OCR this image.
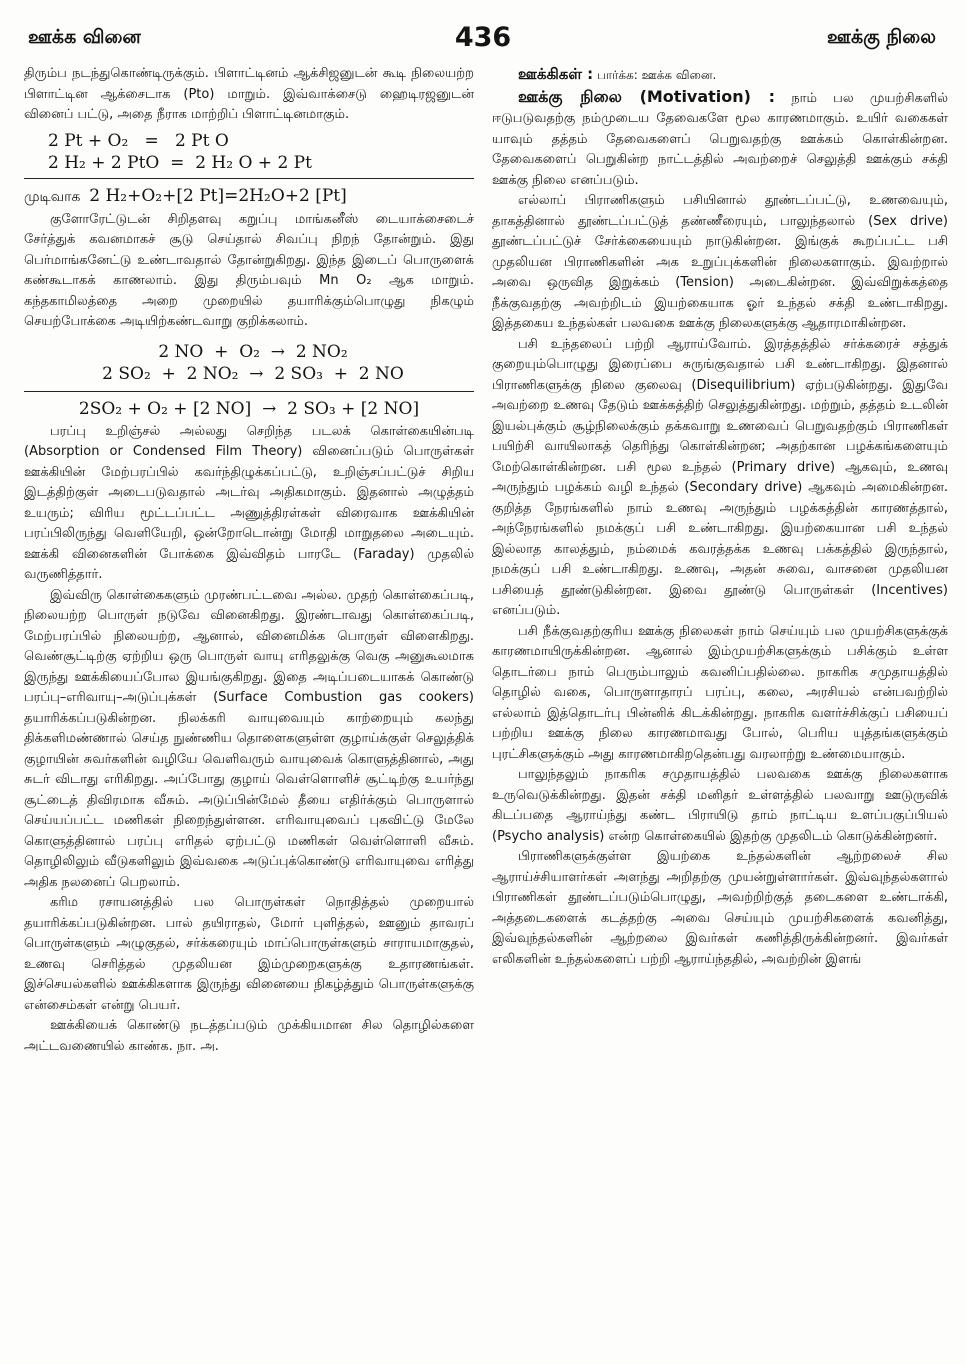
ஊக்க வினை	436	ஊக்கு நிலை

திரும்ப நடந்துகொண்டிருக்கும். பிளாட்டினம் ஆக்சிஜனுடன் கூடி நிலையற்ற பிளாட்டின ஆக்சைடாக (Pto) மாறும். இவ்வாக்சைடு ஹைடிரஜனுடன் வினைப் பட்டு, அதை நீராக மாற்றிப் பிளாட்டினமாகும்.

2 Pt + O₂   =   2 Pt O
2 H₂ + 2 PtO  =  2 H₂ O + 2 Pt
முடிவாக 2 H₂+O₂+[2 Pt]=2H₂O+2 [Pt]

குளோரேட்டுடன் சிறிதளவு கறுப்பு மாங்கனீஸ் டையாக்சைடைச் சேர்த்துக் கவனமாகச் சூடு செய்தால் சிவப்பு நிறந் தோன்றும். இது பெர்மாங்கனேட்டு உண்டாவதால் தோன்றுகிறது. இந்த இடைப் பொருளைக் கண்கூடாகக் காணலாம். இது திரும்பவும் Mn O₂ ஆக மாறும். கந்தகாமிலத்தை அறை முறையில் தயாரிக்கும்பொழுது நிகழும் செயற்போக்கை அடியிற்கண்டவாறு குறிக்கலாம்.

2 NO  +  O₂  →  2 NO₂
2 SO₂  +  2 NO₂  →  2 SO₃  +  2 NO
2SO₂ + O₂ + [2 NO]  →  2 SO₃ + [2 NO]

பரப்பு உறிஞ்சல் அல்லது செறிந்த படலக் கொள்கையின்படி (Absorption or Condensed Film Theory) வினைப்படும் பொருள்கள் ஊக்கியின் மேற்பரப்பில் கவர்ந்திழுக்கப்பட்டு, உறிஞ்சப்பட்டுச் சிறிய இடத்திற்குள் அடைபடுவதால் அடர்வு அதிகமாகும். இதனால் அழுத்தம் உயரும்; விரிய மூட்டப்பட்ட அணுத்திரள்கள் விரைவாக ஊக்கியின் பரப்பிலிருந்து வெளியேறி, ஒன்றோடொன்று மோதி மாறுதலை அடையும். ஊக்கி வினைகளின் போக்கை இவ்விதம் பாரடே (Faraday) முதலில் வருணித்தார்.

இவ்விரு கொள்கைகளும் முரண்பட்டவை அல்ல. முதற் கொள்கைப்படி, நிலையற்ற பொருள் நடுவே வினைகிறது. இரண்டாவது கொள்கைப்படி, மேற்பரப்பில் நிலையற்ற, ஆனால், வினைமிக்க பொருள் விளைகிறது. வெண்சூட்டிற்கு ஏற்றிய ஒரு பொருள் வாயு எரிதலுக்கு வெகு அனுகூலமாக இருந்து ஊக்கியைப்போல இயங்குகிறது. இதை அடிப்படையாகக் கொண்டு பரப்பு–எரிவாயு–அடுப்புக்கள் (Surface Combustion gas cookers) தயாரிக்கப்படுகின்றன. நிலக்கரி வாயுவையும் காற்றையும் கலந்து திக்களிமண்ணால் செய்த நுண்ணிய தொளைகளுள்ள குழாய்க்குள் செலுத்திக் குழாயின் சுவர்களின் வழியே வெளிவரும் வாயுவைக் கொளுத்தினால், அது சுடர் விடாது எரிகிறது. அப்போது குழாய் வெள்ளொளிச் சூட்டிற்கு உயர்ந்து சூட்டைத் திவிரமாக வீசும். அடுப்பின்மேல் தீயை எதிர்க்கும் பொருளால் செய்யப்பட்ட மணிகள் நிறைந்துள்ளன. எரிவாயுவைப் புகவிட்டு மேலே கொளுத்தினால் பரப்பு எரிதல் ஏற்பட்டு மணிகள் வெள்ளொளி வீசும். தொழிலிலும் வீடுகளிலும் இவ்வகை அடுப்புக்கொண்டு எரிவாயுவை எரித்து அதிக நலனைப் பெறலாம்.

கரிம ரசாயனத்தில் பல பொருள்கள் நொதித்தல் முறையால் தயாரிக்கப்படுகின்றன. பால் தயிராதல், மோர் புளித்தல், ஊனும் தாவரப் பொருள்களும் அழுகுதல், சர்க்கரையும் மாப்பொருள்களும் சாராயமாகுதல், உணவு செரித்தல் முதலியன இம்முறைகளுக்கு உதாரணங்கள். இச்செயல்களில் ஊக்கிகளாக இருந்து வினையை நிகழ்த்தும் பொருள்களுக்கு என்சைம்கள் என்று பெயர்.

ஊக்கியைக் கொண்டு நடத்தப்படும் முக்கியமான சில தொழில்களை அட்டவணையில் காண்க. நா. அ.

ஊக்கிகள் : பார்க்க: ஊக்க வினை.

ஊக்கு நிலை (Motivation) : நாம் பல முயற்சிகளில் ஈடுபடுவதற்கு நம்முடைய தேவைகளே மூல காரணமாகும். உயிர் வகைகள் யாவும் தத்தம் தேவைகளைப் பெறுவதற்கு ஊக்கம் கொள்கின்றன. தேவைகளைப் பெறுகின்ற நாட்டத்தில் அவற்றைச் செலுத்தி ஊக்கும் சக்தி ஊக்கு நிலை எனப்படும்.

எல்லாப் பிராணிகளும் பசியினால் தூண்டப்பட்டு, உணவையும், தாகத்தினால் தூண்டப்பட்டுத் தண்ணீரையும், பாலுந்தலால் (Sex drive) தூண்டப்பட்டுச் சேர்க்கையையும் நாடுகின்றன. இங்குக் கூறப்பட்ட பசி முதலியன பிராணிகளின் அக உறுப்புக்களின் நிலைகளாகும். இவற்றால் அவை ஒருவித இறுக்கம் (Tension) அடைகின்றன. இவ்விறுக்கத்தை நீக்குவதற்கு அவற்றிடம் இயற்கையாக ஓர் உந்தல் சக்தி உண்டாகிறது. இத்தகைய உந்தல்கள் பலவகை ஊக்கு நிலைகளுக்கு ஆதாரமாகின்றன.

பசி உந்தலைப் பற்றி ஆராய்வோம். இரத்தத்தில் சர்க்கரைச் சத்துக் குறையும்பொழுது இரைப்பை சுருங்குவதால் பசி உண்டாகிறது. இதனால் பிராணிகளுக்கு நிலை குலைவு (Disequilibrium) ஏற்படுகின்றது. இதுவே அவற்றை உணவு தேடும் ஊக்கத்திற் செலுத்துகின்றது. மற்றும், தத்தம் உடலின் இயல்புக்கும் சூழ்நிலைக்கும் தக்கவாறு உணவைப் பெறுவதற்கும் பிராணிகள் பயிற்சி வாயிலாகத் தெரிந்து கொள்கின்றன; அதற்கான பழக்கங்களையும் மேற்கொள்கின்றன. பசி மூல உந்தல் (Primary drive) ஆகவும், உணவு அருந்தும் பழக்கம் வழி உந்தல் (Secondary drive) ஆகவும் அமைகின்றன. குறித்த நேரங்களில் நாம் உணவு அருந்தும் பழக்கத்தின் காரணத்தால், அந்நேரங்களில் நமக்குப் பசி உண்டாகிறது. இயற்கையான பசி உந்தல் இல்லாத காலத்தும், நம்மைக் கவரத்தக்க உணவு பக்கத்தில் இருந்தால், நமக்குப் பசி உண்டாகிறது. உணவு, அதன் சுவை, வாசனை முதலியன பசியைத் தூண்டுகின்றன. இவை தூண்டு பொருள்கள் (Incentives) எனப்படும்.

பசி நீக்குவதற்குரிய ஊக்கு நிலைகள் நாம் செய்யும் பல முயற்சிகளுக்குக் காரணமாயிருக்கின்றன. ஆனால் இம்முயற்சிகளுக்கும் பசிக்கும் உள்ள தொடர்பை நாம் பெரும்பாலும் கவனிப்பதில்லை. நாகரிக சமுதாயத்தில் தொழில் வகை, பொருளாதாரப் பரப்பு, கலை, அரசியல் என்பவற்றில் எல்லாம் இத்தொடர்பு பின்னிக் கிடக்கின்றது. நாகரிக வளர்ச்சிக்குப் பசியைப் பற்றிய ஊக்கு நிலை காரணமாவது போல், பெரிய யுத்தங்களுக்கும் புரட்சிகளுக்கும் அது காரணமாகிறதென்பது வரலாற்று உண்மையாகும்.

பாலுந்தலும் நாகரிக சமுதாயத்தில் பலவகை ஊக்கு நிலைகளாக உருவெடுக்கின்றது. இதன் சக்தி மனிதர் உள்ளத்தில் பலவாறு ஊடுருவிக் கிடப்பதை ஆராய்ந்து கண்ட பிராயிடு தாம் நாட்டிய உளப்பகுப்பியல் (Psycho analysis) என்ற கொள்கையில் இதற்கு முதலிடம் கொடுக்கின்றனர்.

பிராணிகளுக்குள்ள இயற்கை உந்தல்களின் ஆற்றலைச் சில ஆராய்ச்சியாளர்கள் அளந்து அறிதற்கு முயன்றுள்ளார்கள். இவ்வுந்தல்களால் பிராணிகள் தூண்டப்படும்பொழுது, அவற்றிற்குத் தடைகளை உண்டாக்கி, அத்தடைகளைக் கடத்தற்கு அவை செய்யும் முயற்சிகளைக் கவனித்து, இவ்வுந்தல்களின் ஆற்றலை இவர்கள் கணித்திருக்கின்றனர். இவர்கள் எலிகளின் உந்தல்களைப் பற்றி ஆராய்ந்ததில், அவற்றின் இளங்
